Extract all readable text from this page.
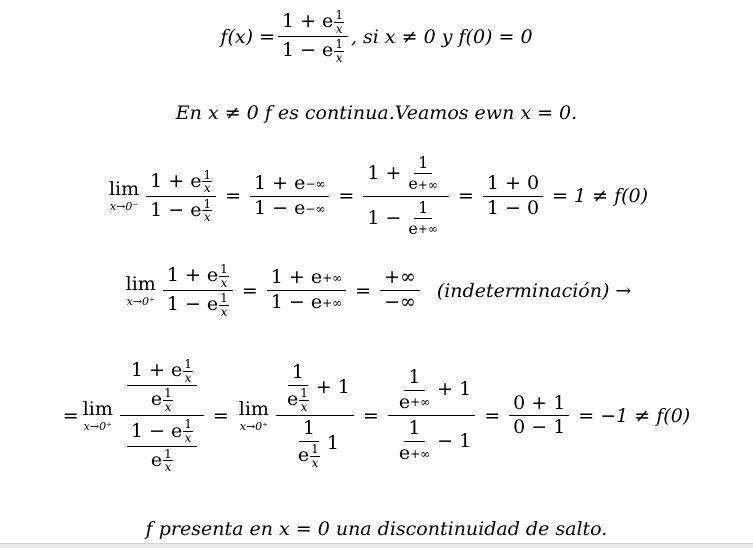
f(x) = 1 + e 1
x
1 − e 1
x , si x ≠ 0 y f(0) = 0
En x ≠ 0 f es continua.Veamos ewn x = 0.
lim
x→0⁻ 1 + e 1
x
1 − e 1
$x = \frac{1 + e -\infty}{1 - e -\infty} = \frac{1 + \frac{1}{e +\infty}}{1 - \frac{1}{e +\infty}} = \frac{1 + 0}{1 - 0} = 1 \ne f(0)$
lim
x→0⁺ 1 + e 1
x
1 − e 1
$x = \frac{1 + e +\infty}{1 - e +\infty} = \frac{+\infty}{-\infty}$ (indeterminación) →
= lim
x→0⁺ 1 + e 1
x
e 1
x
1 − e 1
x
e 1
x = lim
x→0⁺ 1
e 1
x + 1
1
e 1
x $1 = \frac{\frac{1}{e +\infty} + 1}{\frac{1}{e +\infty} - 1} = \frac{0 + 1}{0 - 1} = -1 \ne f(0)$
f presenta en x = 0 una discontinuidad de salto.
